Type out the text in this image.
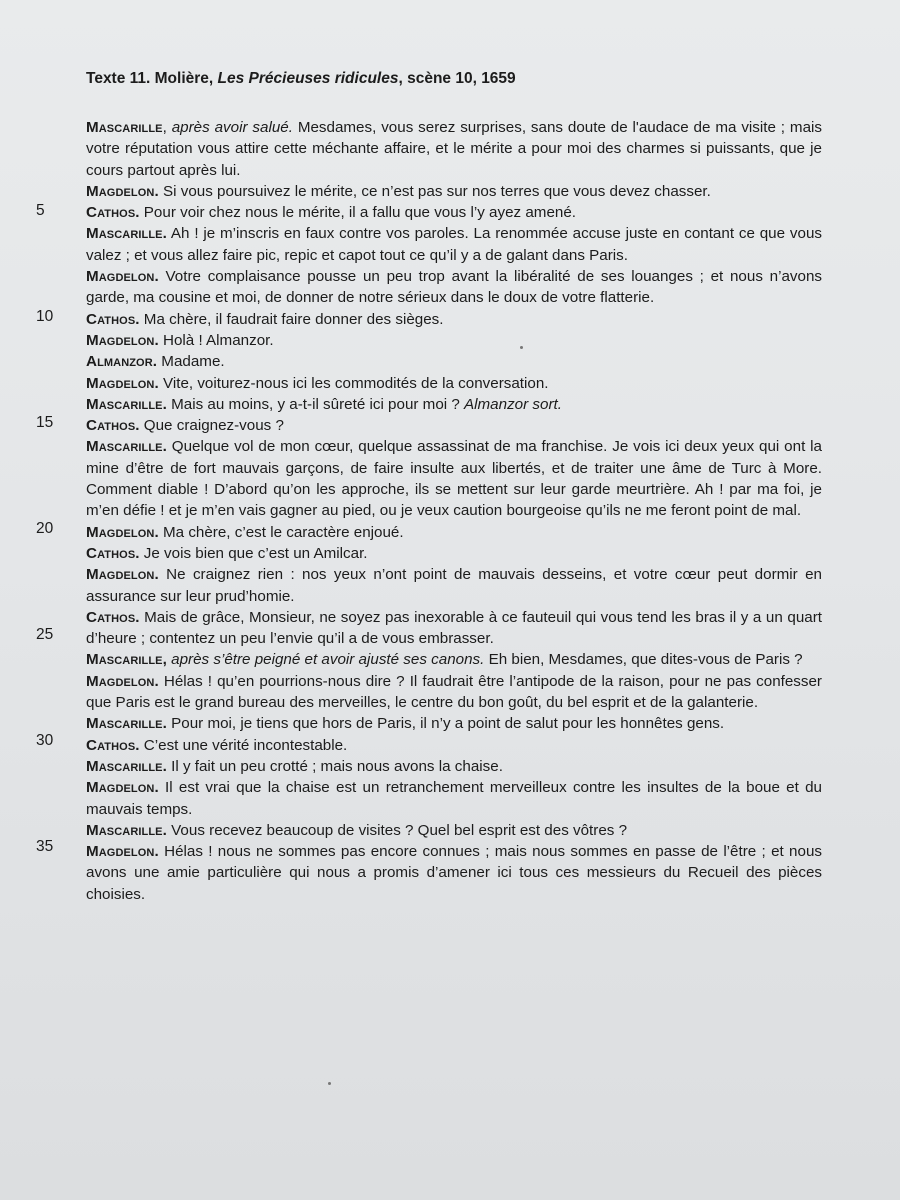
Texte 11. Molière, Les Précieuses ridicules, scène 10, 1659
5
10
15
20
25
30
35

Mascarille, après avoir salué. Mesdames, vous serez surprises, sans doute de l'audace de ma visite ; mais votre réputation vous attire cette méchante affaire, et le mérite a pour moi des charmes si puissants, que je cours partout après lui.

Magdelon. Si vous poursuivez le mérite, ce n’est pas sur nos terres que vous devez chasser.

Cathos. Pour voir chez nous le mérite, il a fallu que vous l’y ayez amené.

Mascarille. Ah ! je m’inscris en faux contre vos paroles. La renommée accuse juste en contant ce que vous valez ; et vous allez faire pic, repic et capot tout ce qu’il y a de galant dans Paris.

Magdelon. Votre complaisance pousse un peu trop avant la libéralité de ses louanges ; et nous n’avons garde, ma cousine et moi, de donner de notre sérieux dans le doux de votre flatterie.

Cathos. Ma chère, il faudrait faire donner des sièges.

Magdelon. Holà ! Almanzor.

Almanzor. Madame.

Magdelon. Vite, voiturez-nous ici les commodités de la conversation.

Mascarille. Mais au moins, y a-t-il sûreté ici pour moi ? Almanzor sort.

Cathos. Que craignez-vous ?

Mascarille. Quelque vol de mon cœur, quelque assassinat de ma franchise. Je vois ici deux yeux qui ont la mine d’être de fort mauvais garçons, de faire insulte aux libertés, et de traiter une âme de Turc à More. Comment diable ! D’abord qu’on les approche, ils se mettent sur leur garde meurtrière. Ah ! par ma foi, je m’en défie ! et je m’en vais gagner au pied, ou je veux caution bourgeoise qu’ils ne me feront point de mal.

Magdelon. Ma chère, c’est le caractère enjoué.

Cathos. Je vois bien que c’est un Amilcar.

Magdelon. Ne craignez rien : nos yeux n’ont point de mauvais desseins, et votre cœur peut dormir en assurance sur leur prud’homie.

Cathos. Mais de grâce, Monsieur, ne soyez pas inexorable à ce fauteuil qui vous tend les bras il y a un quart d’heure ; contentez un peu l’envie qu’il a de vous embrasser.

Mascarille, après s’être peigné et avoir ajusté ses canons. Eh bien, Mesdames, que dites-vous de Paris ?

Magdelon. Hélas ! qu’en pourrions-nous dire ? Il faudrait être l’antipode de la raison, pour ne pas confesser que Paris est le grand bureau des merveilles, le centre du bon goût, du bel esprit et de la galanterie.

Mascarille. Pour moi, je tiens que hors de Paris, il n’y a point de salut pour les honnêtes gens.

Cathos. C’est une vérité incontestable.

Mascarille. Il y fait un peu crotté ; mais nous avons la chaise.

Magdelon. Il est vrai que la chaise est un retranchement merveilleux contre les insultes de la boue et du mauvais temps.

Mascarille. Vous recevez beaucoup de visites ? Quel bel esprit est des vôtres ?

Magdelon. Hélas ! nous ne sommes pas encore connues ; mais nous sommes en passe de l’être ; et nous avons une amie particulière qui nous a promis d’amener ici tous ces messieurs du Recueil des pièces choisies.
